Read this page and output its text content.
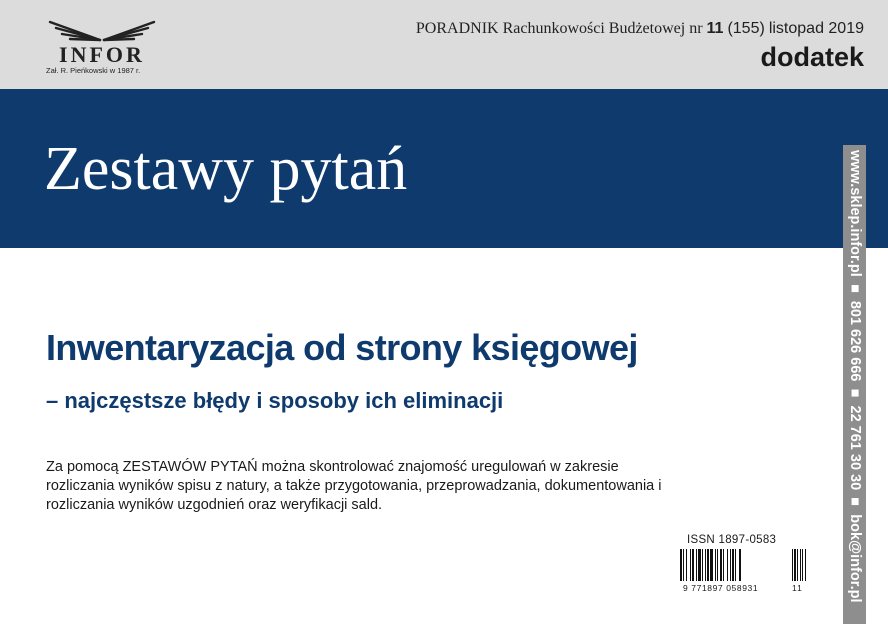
INFOR
Zał. R. Pieńkowski w 1987 r.
PORADNIK Rachunkowości Budżetowej nr 11 (155) listopad 2019
dodatek
Zestawy pytań	www.sklep.infor.pl ■ 801 626 666 ■ 22 761 30 30 ■ bok@infor.pl
Inwentaryzacja od strony księgowej
– najczęstsze błędy i sposoby ich eliminacji
Za pomocą ZESTAWÓW PYTAŃ można skontrolować znajomość uregulowań w zakresie rozliczania wyników spisu z natury, a także przygotowania, przeprowadzania, dokumentowania i rozliczania wyników uzgodnień oraz weryfikacji sald.
ISSN 1897-0583
9 771897 058931	11
